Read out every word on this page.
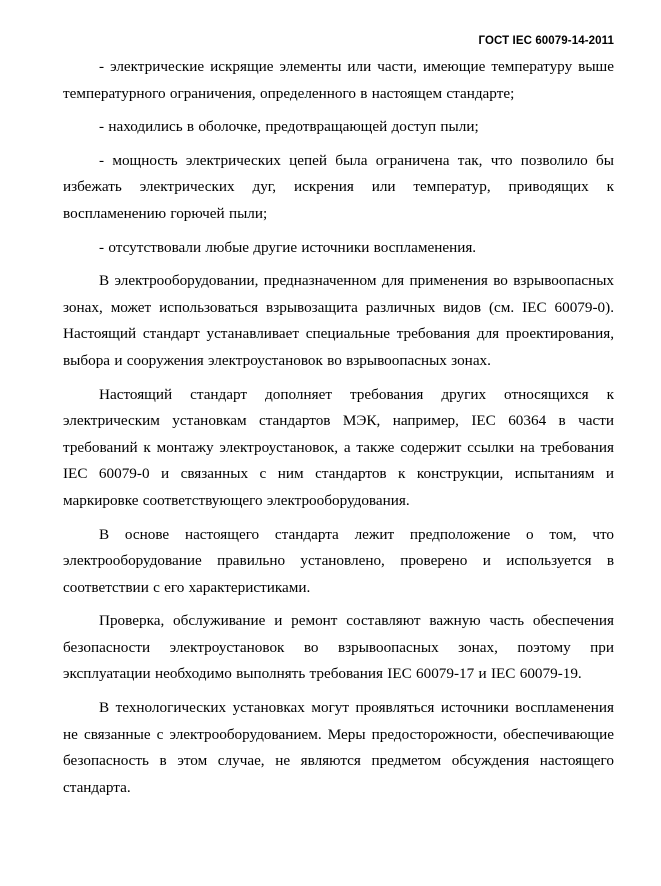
ГОСТ IEC 60079-14-2011

- электрические искрящие элементы или части, имеющие температуру выше температурного ограничения, определенного в настоящем стандарте;

- находились в оболочке, предотвращающей доступ пыли;

- мощность электрических цепей была ограничена так, что позволило бы избежать электрических дуг, искрения или температур, приводящих к воспламенению горючей пыли;

- отсутствовали любые другие источники воспламенения.

В электрооборудовании, предназначенном для применения во взрывоопасных зонах, может использоваться взрывозащита различных видов (см. IEC 60079-0). Настоящий стандарт устанавливает специальные требования для проектирования, выбора и сооружения электроустановок во взрывоопасных зонах.

Настоящий стандарт дополняет требования других относящихся к электрическим установкам стандартов МЭК, например, IEC 60364 в части требований к монтажу электроустановок, а также содержит ссылки на требования IEC 60079-0 и связанных с ним стандартов к конструкции, испытаниям и маркировке соответствующего электрооборудования.

В основе настоящего стандарта лежит предположение о том, что электрооборудование правильно установлено, проверено и используется в соответствии с его характеристиками.

Проверка, обслуживание и ремонт составляют важную часть обеспечения безопасности электроустановок во взрывоопасных зонах, поэтому при эксплуатации необходимо выполнять требования IEC 60079-17 и IEC 60079-19.

В технологических установках могут проявляться источники воспламенения не связанные с электрооборудованием. Меры предосторожности, обеспечивающие безопасность в этом случае, не являются предметом обсуждения настоящего стандарта.
